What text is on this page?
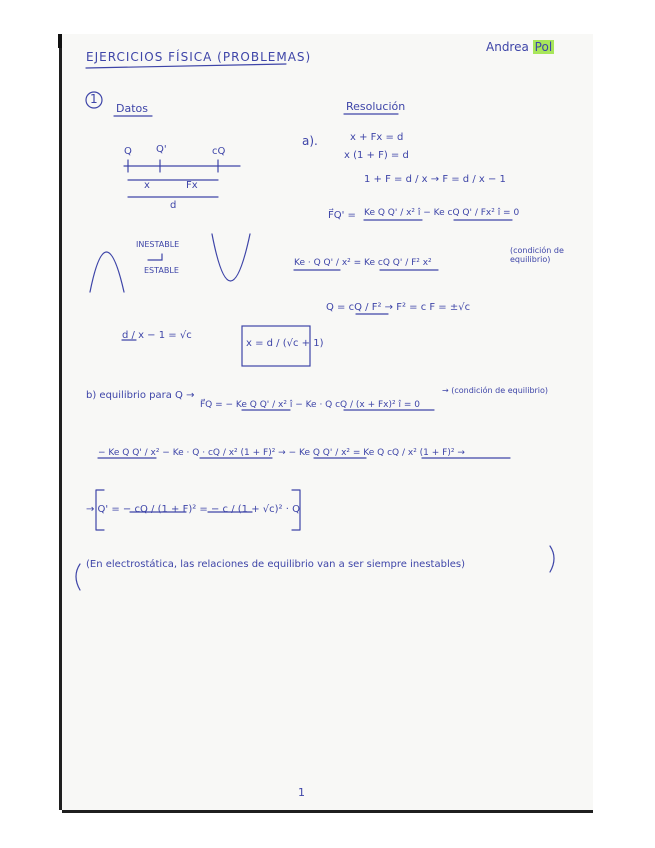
EJERCICIOS FÍSICA (PROBLEMAS)
Andrea Pol
1
Datos	Resolución
Q Q'	cQ
x	Fx
d
INESTABLE
ESTABLE
a).	x + Fx = d
x (1 + F) = d
1 + F = d / x → F = d / x − 1
F⃗Q' = Ke Q Q' / x² î − Ke cQ Q' / Fx² î = 0
(condición de equilibrio)
Ke · Q Q' / x² = Ke cQ Q' / F² x²
Q = cQ / F² → F² = c F = ±√c
d / x − 1 = √c
x = d / (√c + 1)
b) equilibrio para Q →
F⃗Q = − Ke Q Q' / x² î − Ke · Q cQ / (x + Fx)² î = 0
→ (condición de equilibrio)
− Ke Q Q' / x² − Ke · Q · cQ / x² (1 + F)² → − Ke Q Q' / x² = Ke Q cQ / x² (1 + F)² →
→ Q' = − cQ / (1 + F)² = − c / (1 + √c)² · Q
(En electrostática, las relaciones de equilibrio van a ser siempre inestables)
1
